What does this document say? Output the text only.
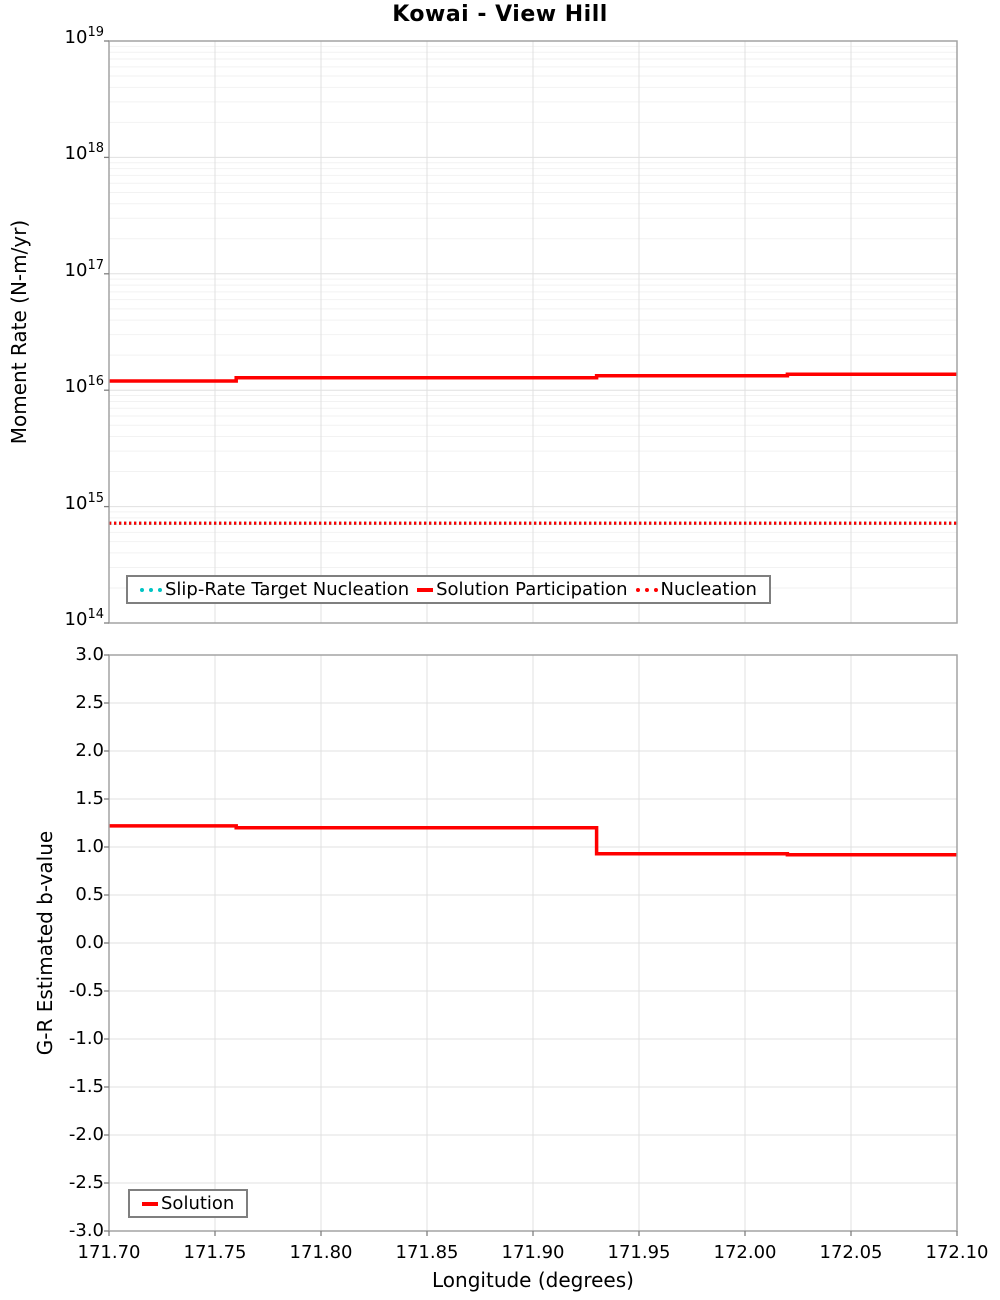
Kowai - View Hill
Moment Rate (N-m/yr)
G-R Estimated b-value
Longitude (degrees)
$10^{19}$
$10^{18}$
$10^{17}$
$10^{16}$
$10^{15}$
$10^{14}$
3.0
2.5
2.0
1.5
1.0
0.5
0.0
-0.5
-1.0
-1.5
-2.0
-2.5
-3.0
171.70	171.75	171.80	171.85	171.90	171.95	172.00	172.05	172.10
Slip-Rate Target Nucleation Solution Participation Nucleation
Solution
